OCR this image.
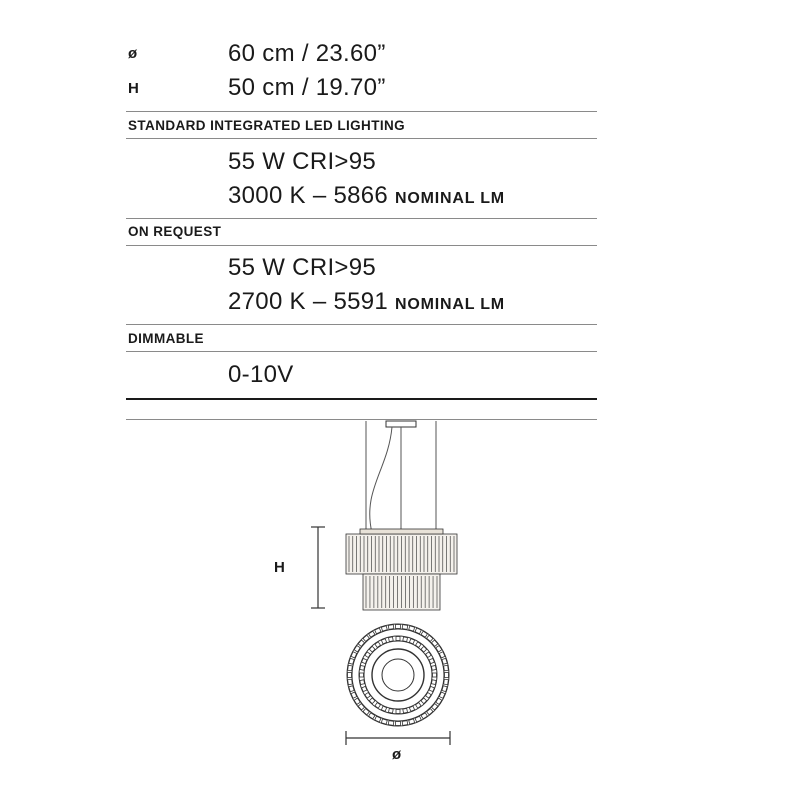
ø	60 cm / 23.60”
H	50 cm / 19.70”
STANDARD INTEGRATED LED LIGHTING
55 W CRI>95
3000 K – 5866 NOMINAL LM
ON REQUEST
55 W CRI>95
2700 K – 5591 NOMINAL LM
DIMMABLE
0-10V
H
ø
